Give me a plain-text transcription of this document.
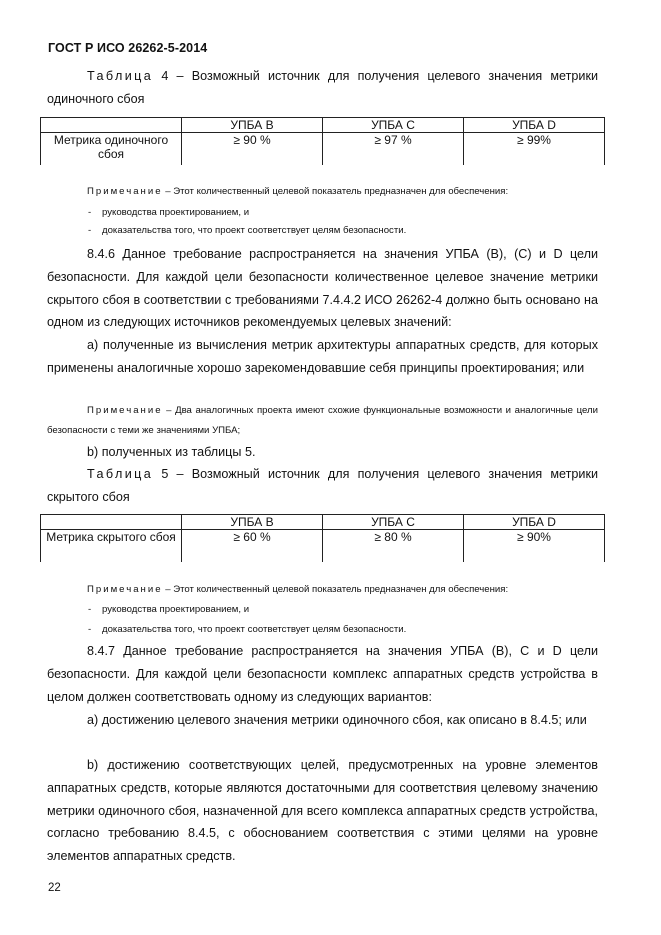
ГОСТ Р ИСО 26262-5-2014

Таблица 4 – Возможный источник для получения целевого значения метрики одиночного сбоя

	УПБА B	УПБА C	УПБА D
Метрика одиночного сбоя	≥ 90 %	≥ 97 %	≥ 99%

Примечание – Этот количественный целевой показатель предназначен для обеспечения:

- руководства проектированием, и
- доказательства того, что проект соответствует целям безопасности.

8.4.6 Данное требование распространяется на значения УПБА (B), (C) и D цели безопасности. Для каждой цели безопасности количественное целевое значение метрики скрытого сбоя в соответствии с требованиями 7.4.4.2 ИСО 26262-4 должно быть основано на одном из следующих источников рекомендуемых целевых значений:

a) полученные из вычисления метрик архитектуры аппаратных средств, для которых применены аналогичные хорошо зарекомендовавшие себя принципы проектирования; или

Примечание – Два аналогичных проекта имеют схожие функциональные возможности и аналогичные цели безопасности с теми же значениями УПБА;

b) полученных из таблицы 5.

Таблица 5 – Возможный источник для получения целевого значения метрики скрытого сбоя

	УПБА B	УПБА C	УПБА D
Метрика скрытого сбоя	≥ 60 %	≥ 80 %	≥ 90%

Примечание – Этот количественный целевой показатель предназначен для обеспечения:

- руководства проектированием, и
- доказательства того, что проект соответствует целям безопасности.

8.4.7 Данное требование распространяется на значения УПБА (B), C и D цели безопасности. Для каждой цели безопасности комплекс аппаратных средств устройства в целом должен соответствовать одному из следующих вариантов:

a) достижению целевого значения метрики одиночного сбоя, как описано в 8.4.5; или

b) достижению соответствующих целей, предусмотренных на уровне элементов аппаратных средств, которые являются достаточными для соответствия целевому значению метрики одиночного сбоя, назначенной для всего комплекса аппаратных средств устройства, согласно требованию 8.4.5, с обоснованием соответствия с этими целями на уровне элементов аппаратных средств.

22
